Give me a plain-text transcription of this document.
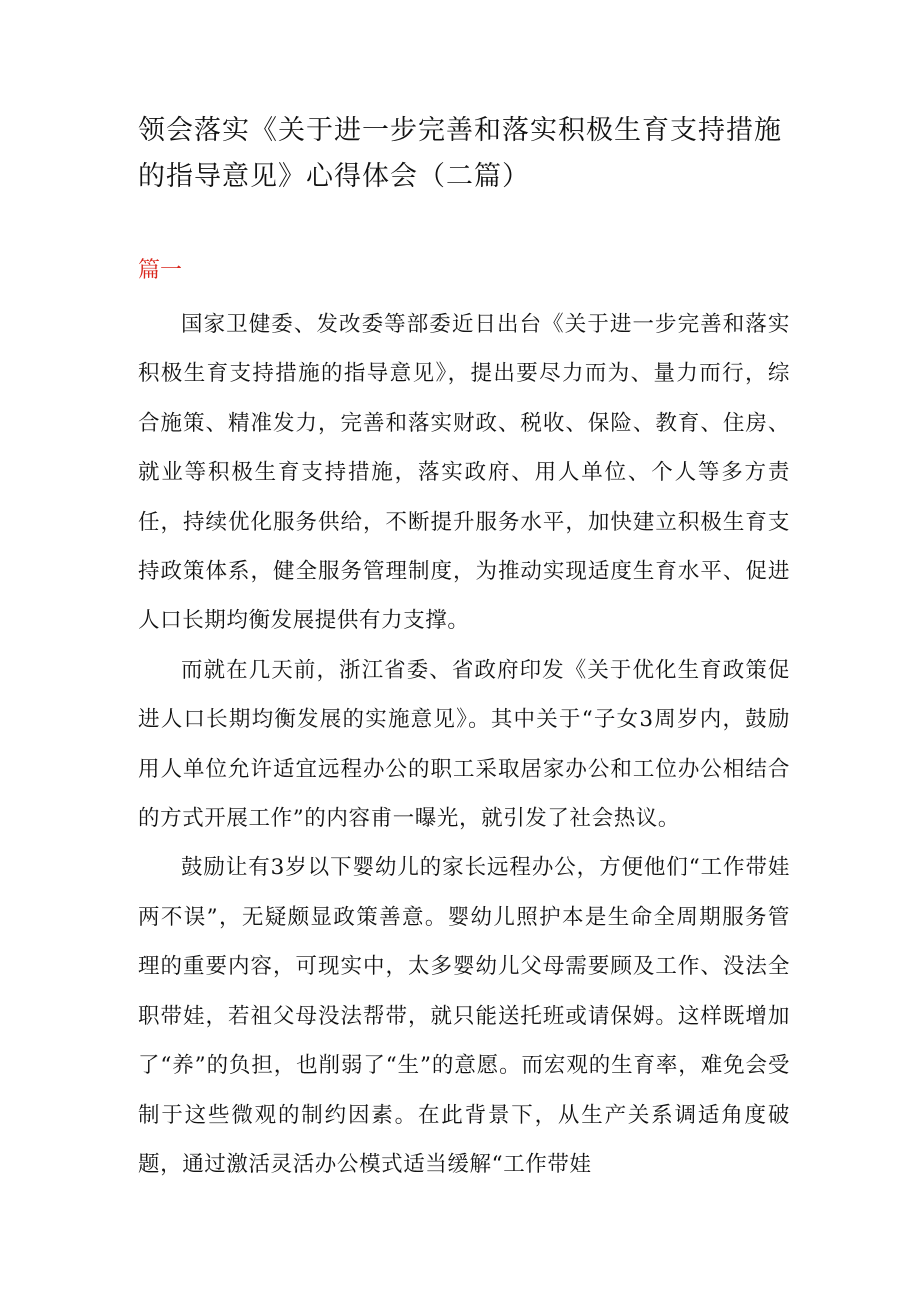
领会落实《关于进一步完善和落实积极生育支持措施的指导意见》心得体会（二篇）
篇一

国家卫健委、发改委等部委近日出台《关于进一步完善和落实积极生育支持措施的指导意见》，提出要尽力而为、量力而行，综合施策、精准发力，完善和落实财政、税收、保险、教育、住房、就业等积极生育支持措施，落实政府、用人单位、个人等多方责任，持续优化服务供给，不断提升服务水平，加快建立积极生育支持政策体系，健全服务管理制度，为推动实现适度生育水平、促进人口长期均衡发展提供有力支撑。

而就在几天前，浙江省委、省政府印发《关于优化生育政策促进人口长期均衡发展的实施意见》。其中关于“子女3周岁内，鼓励用人单位允许适宜远程办公的职工采取居家办公和工位办公相结合的方式开展工作”的内容甫一曝光，就引发了社会热议。

鼓励让有3岁以下婴幼儿的家长远程办公，方便他们“工作带娃两不误”，无疑颇显政策善意。婴幼儿照护本是生命全周期服务管理的重要内容，可现实中，太多婴幼儿父母需要顾及工作、没法全职带娃，若祖父母没法帮带，就只能送托班或请保姆。这样既增加了“养”的负担，也削弱了“生”的意愿。而宏观的生育率，难免会受制于这些微观的制约因素。在此背景下，从生产关系调适角度破题，通过激活灵活办公模式适当缓解“工作带娃
